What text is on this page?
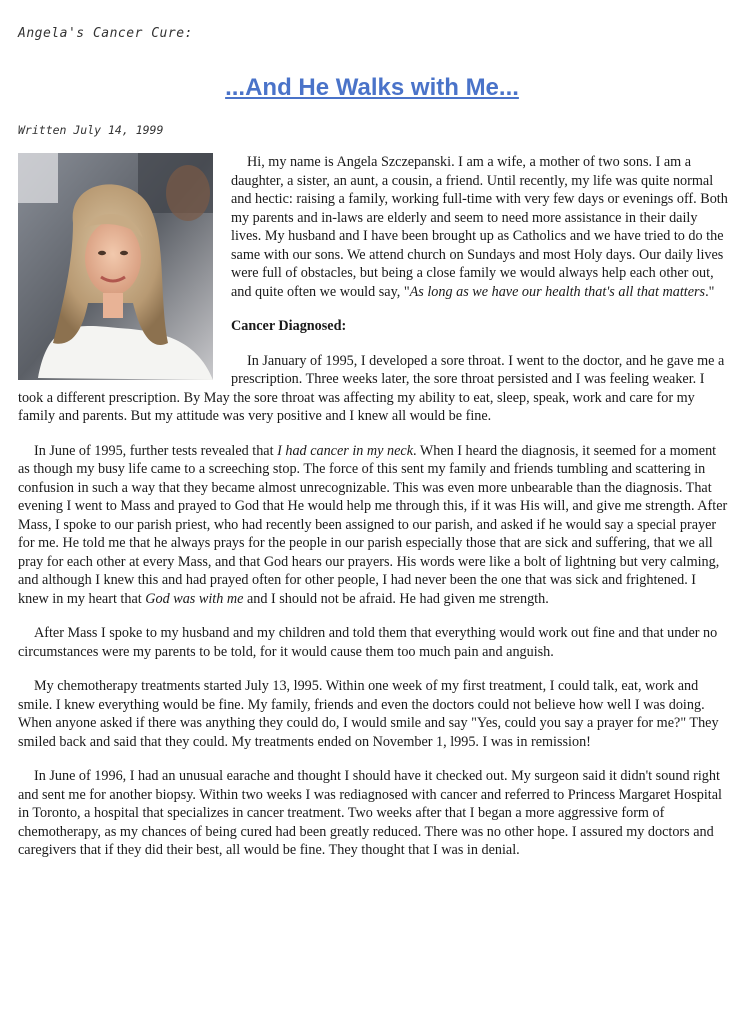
Angela's Cancer Cure:
...And He Walks with Me...
Written July 14, 1999

Hi, my name is Angela Szczepanski. I am a wife, a mother of two sons. I am a daughter, a sister, an aunt, a cousin, a friend. Until recently, my life was quite normal and hectic: raising a family, working full-time with very few days or evenings off. Both my parents and in-laws are elderly and seem to need more assistance in their daily lives. My husband and I have been brought up as Catholics and we have tried to do the same with our sons. We attend church on Sundays and most Holy days. Our daily lives were full of obstacles, but being a close family we would always help each other out, and quite often we would say, "As long as we have our health that's all that matters."

Cancer Diagnosed:

In January of 1995, I developed a sore throat. I went to the doctor, and he gave me a prescription. Three weeks later, the sore throat persisted and I was feeling weaker. I took a different prescription. By May the sore throat was affecting my ability to eat, sleep, speak, work and care for my family and parents. But my attitude was very positive and I knew all would be fine.

In June of 1995, further tests revealed that I had cancer in my neck. When I heard the diagnosis, it seemed for a moment as though my busy life came to a screeching stop. The force of this sent my family and friends tumbling and scattering in confusion in such a way that they became almost unrecognizable. This was even more unbearable than the diagnosis. That evening I went to Mass and prayed to God that He would help me through this, if it was His will, and give me strength. After Mass, I spoke to our parish priest, who had recently been assigned to our parish, and asked if he would say a special prayer for me. He told me that he always prays for the people in our parish especially those that are sick and suffering, that we all pray for each other at every Mass, and that God hears our prayers. His words were like a bolt of lightning but very calming, and although I knew this and had prayed often for other people, I had never been the one that was sick and frightened. I knew in my heart that God was with me and I should not be afraid. He had given me strength.

After Mass I spoke to my husband and my children and told them that everything would work out fine and that under no circumstances were my parents to be told, for it would cause them too much pain and anguish.

My chemotherapy treatments started July 13, l995. Within one week of my first treatment, I could talk, eat, work and smile. I knew everything would be fine. My family, friends and even the doctors could not believe how well I was doing. When anyone asked if there was anything they could do, I would smile and say "Yes, could you say a prayer for me?" They smiled back and said that they could. My treatments ended on November 1, l995. I was in remission!

In June of 1996, I had an unusual earache and thought I should have it checked out. My surgeon said it didn't sound right and sent me for another biopsy. Within two weeks I was rediagnosed with cancer and referred to Princess Margaret Hospital in Toronto, a hospital that specializes in cancer treatment. Two weeks after that I began a more aggressive form of chemotherapy, as my chances of being cured had been greatly reduced. There was no other hope. I assured my doctors and caregivers that if they did their best, all would be fine. They thought that I was in denial.
